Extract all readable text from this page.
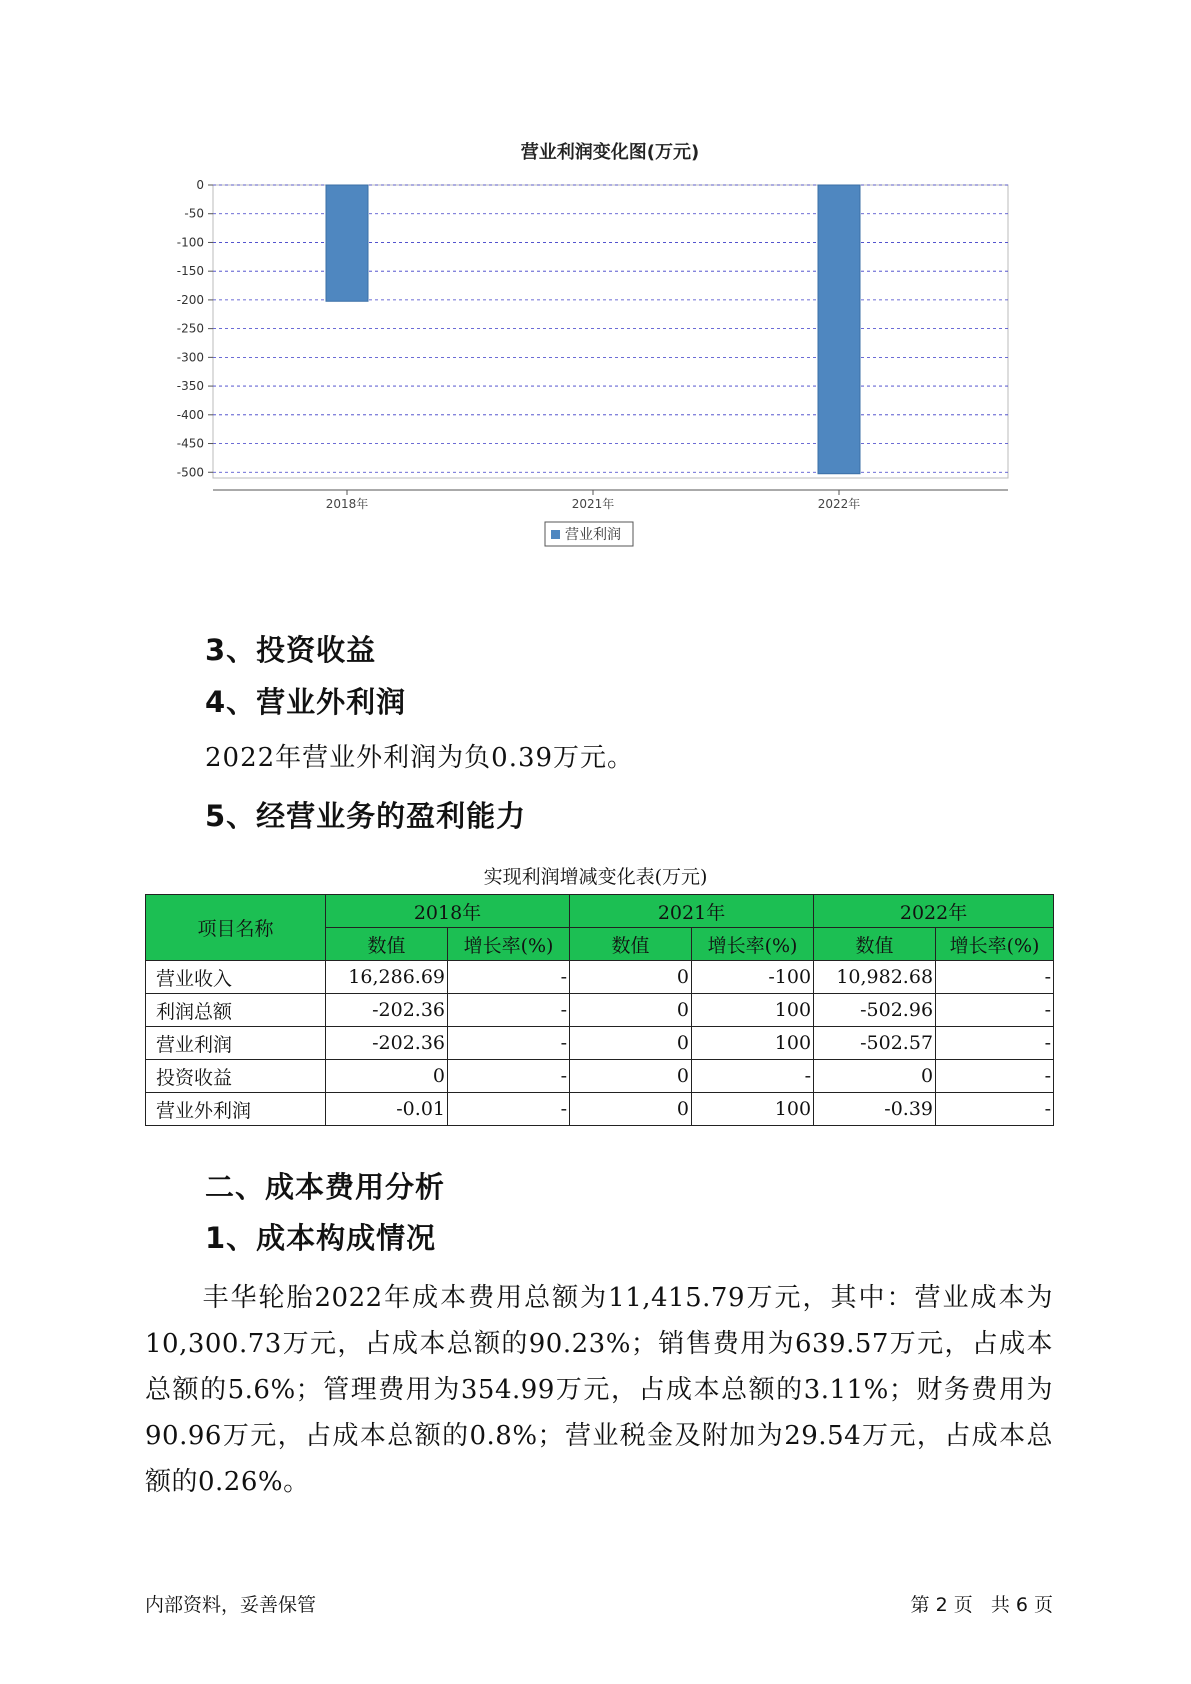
营业利润变化图(万元)
0
-50
-100
-150
-200
-250
-300
-350
-400
-450
-500
2018年	2021年	2022年
营业利润
3、投资收益
4、营业外利润

2022年营业外利润为负0.39万元。

5、经营业务的盈利能力
实现利润增减变化表(万元)
项目名称	2018年		2021年		2022年	
	数值	增长率(%)	数值	增长率(%)	数值	增长率(%)
营业收入	16,286.69	-	0	-100	10,982.68	-
利润总额	-202.36	-	0	100	-502.96	-
营业利润	-202.36	-	0	100	-502.57	-
投资收益	0	-	0	-	0	-
营业外利润	-0.01	-	0	100	-0.39	-
二、成本费用分析
1、成本构成情况

丰华轮胎2022年成本费用总额为11,415.79万元，其中：营业成本为10,300.73万元，占成本总额的90.23%；销售费用为639.57万元，占成本总额的5.6%；管理费用为354.99万元，占成本总额的3.11%；财务费用为90.96万元，占成本总额的0.8%；营业税金及附加为29.54万元，占成本总额的0.26%。

内部资料，妥善保管	第 2 页   共 6 页
